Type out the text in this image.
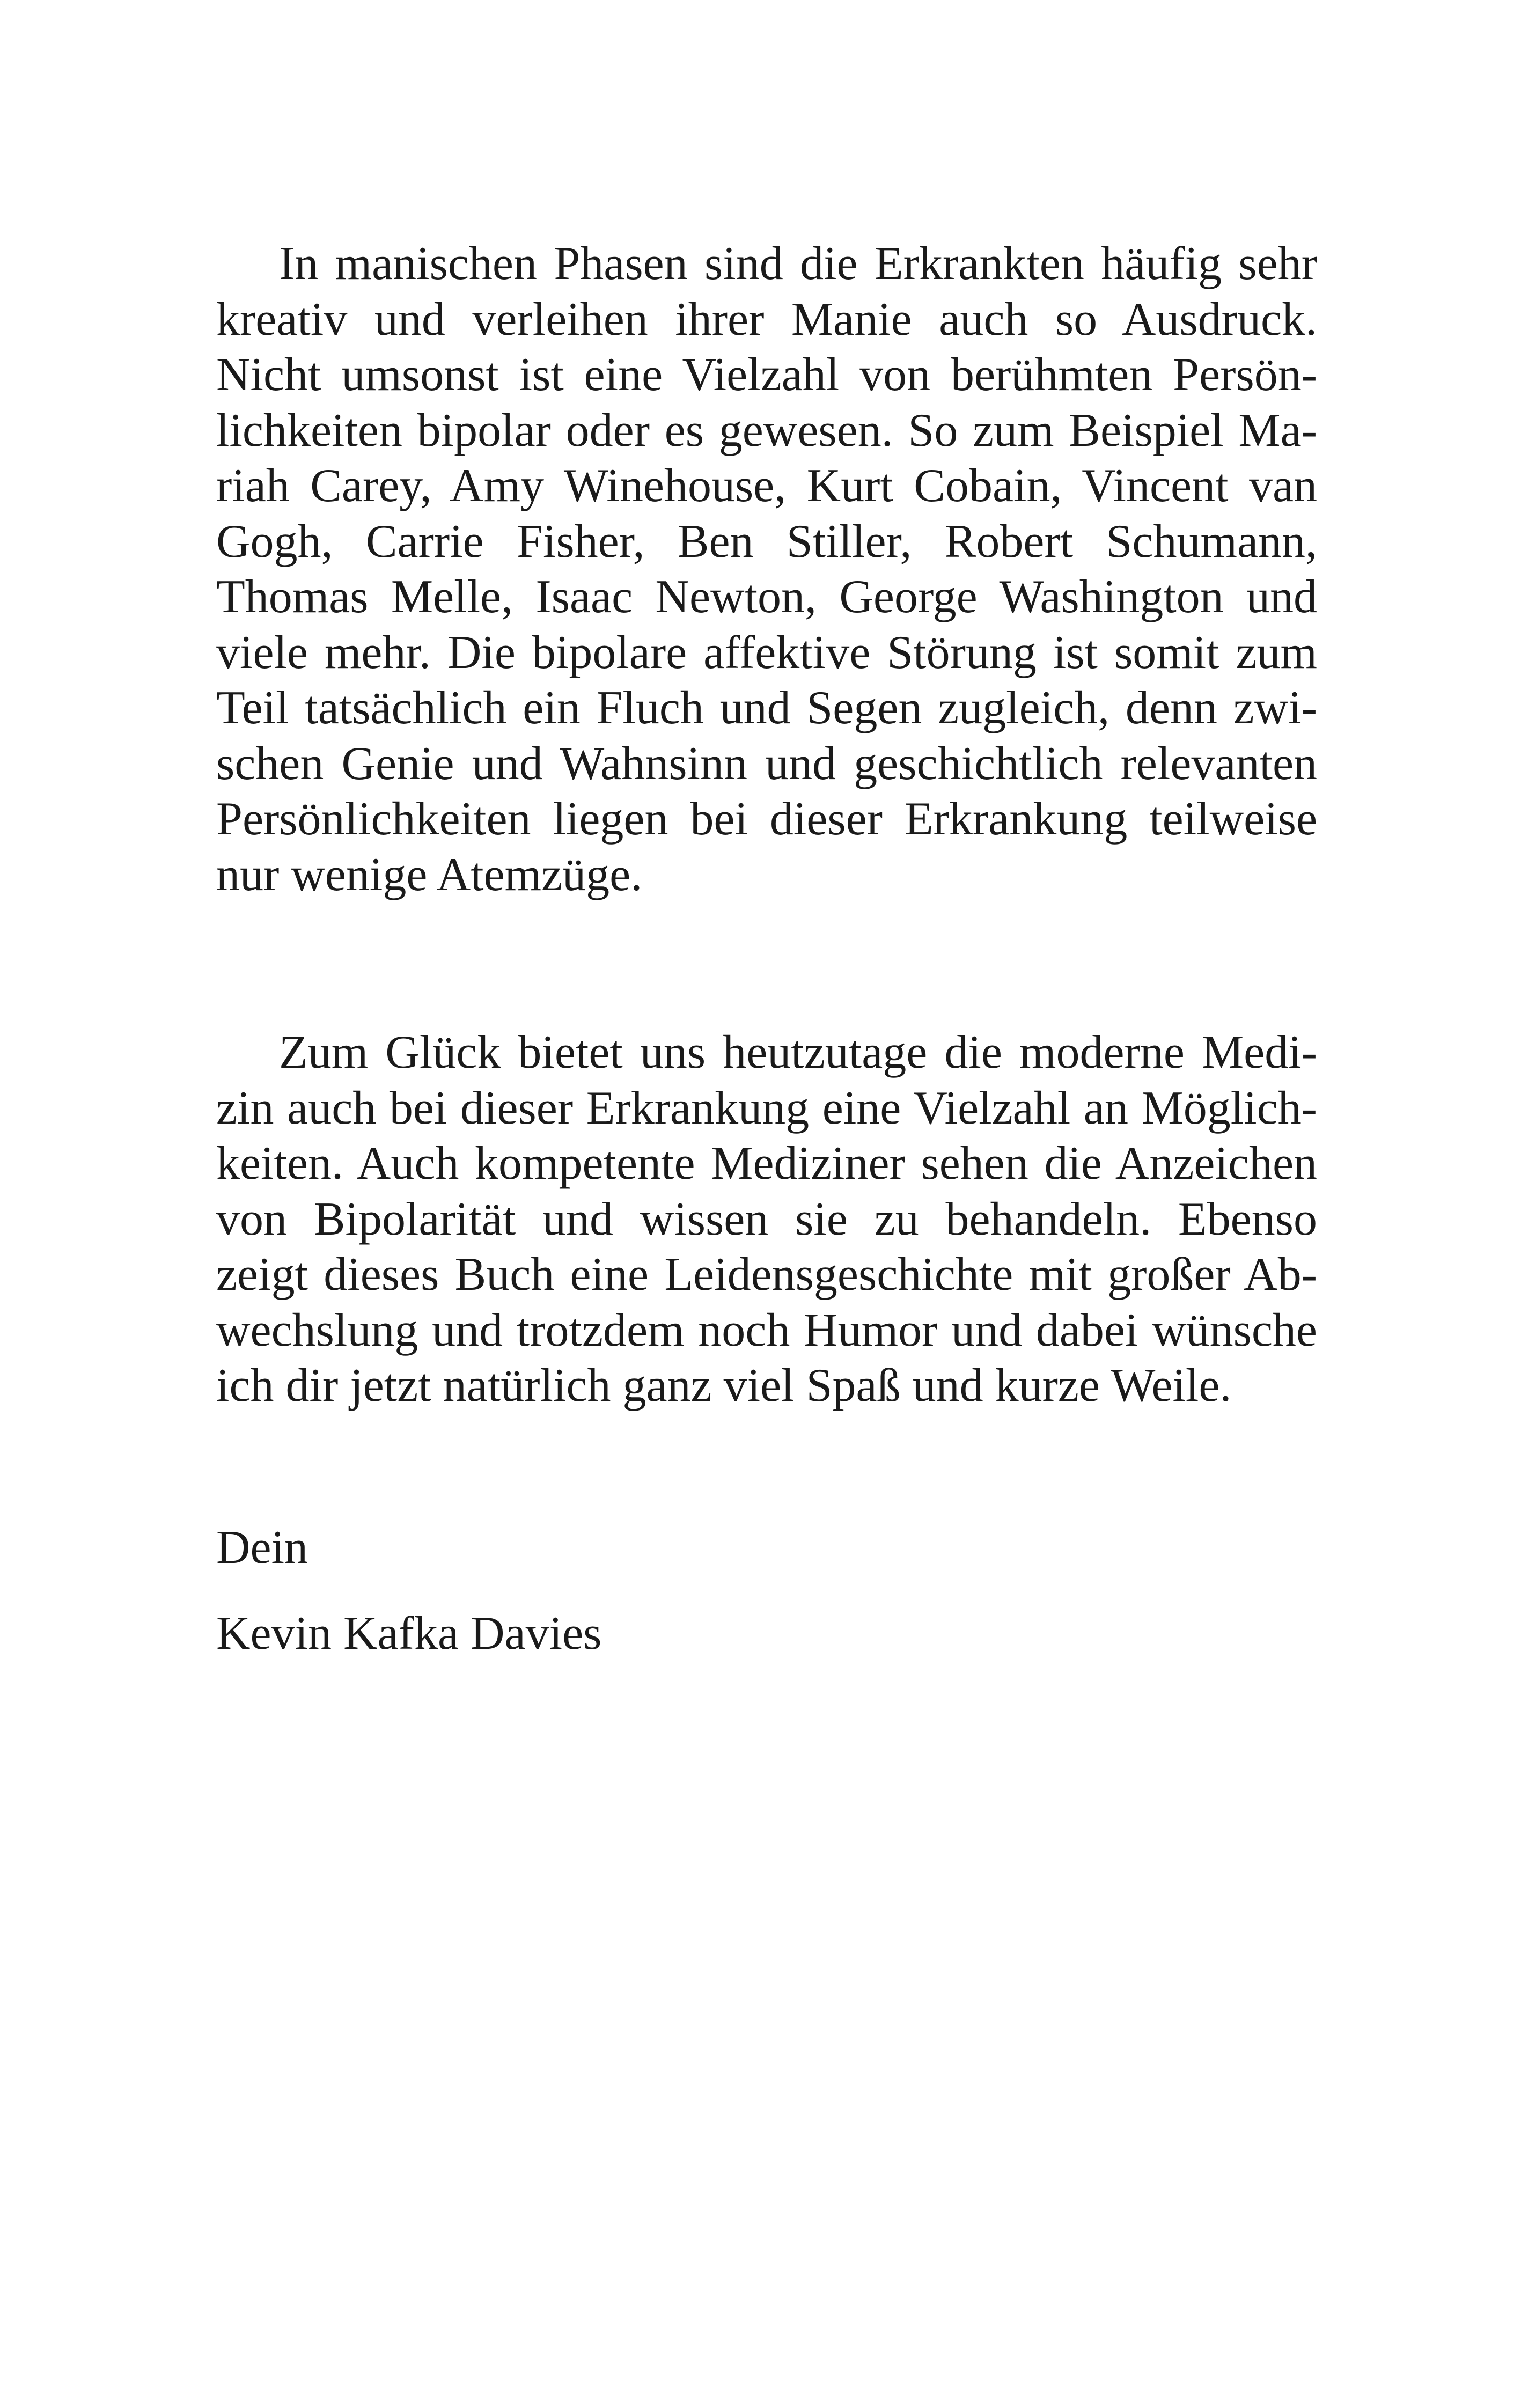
In manischen Phasen sind die Erkrankten häufig sehr
kreativ und verleihen ihrer Manie auch so Ausdruck.
Nicht umsonst ist eine Vielzahl von berühmten Persön-
lichkeiten bipolar oder es gewesen. So zum Beispiel Ma-
riah Carey, Amy Winehouse, Kurt Cobain, Vincent van
Gogh, Carrie Fisher, Ben Stiller, Robert Schumann,
Thomas Melle, Isaac Newton, George Washington und
viele mehr. Die bipolare affektive Störung ist somit zum
Teil tatsächlich ein Fluch und Segen zugleich, denn zwi-
schen Genie und Wahnsinn und geschichtlich relevanten
Persönlichkeiten liegen bei dieser Erkrankung teilweise
nur wenige Atemzüge.
Zum Glück bietet uns heutzutage die moderne Medi-
zin auch bei dieser Erkrankung eine Vielzahl an Möglich-
keiten. Auch kompetente Mediziner sehen die Anzeichen
von Bipolarität und wissen sie zu behandeln. Ebenso
zeigt dieses Buch eine Leidensgeschichte mit großer Ab-
wechslung und trotzdem noch Humor und dabei wünsche
ich dir jetzt natürlich ganz viel Spaß und kurze Weile.
Dein
Kevin Kafka Davies
